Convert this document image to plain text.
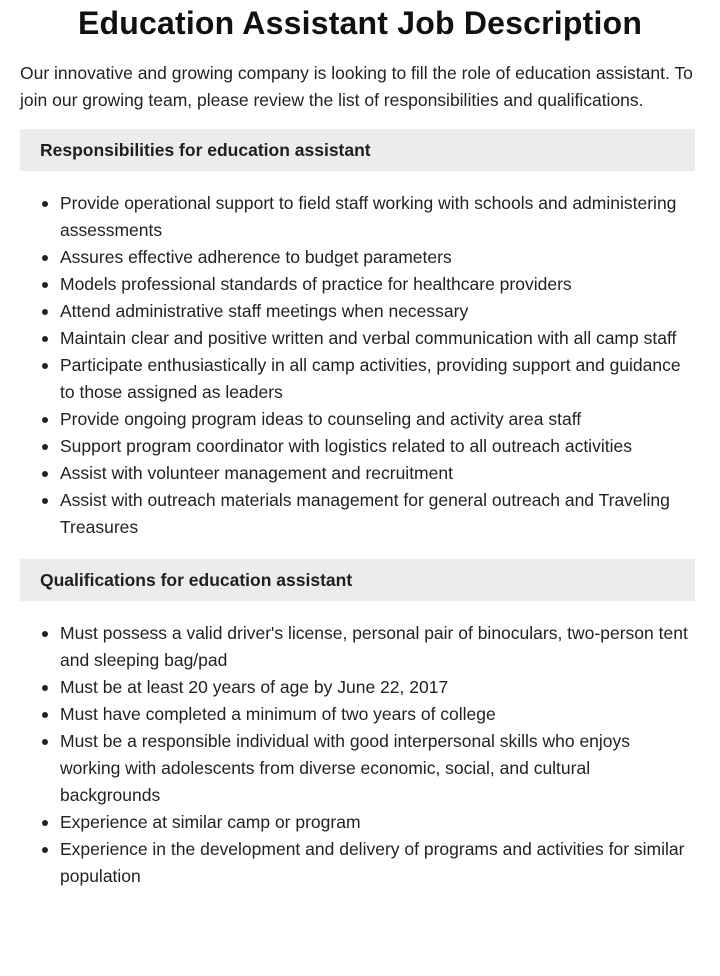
Education Assistant Job Description

Our innovative and growing company is looking to fill the role of education assistant. To join our growing team, please review the list of responsibilities and qualifications.

Responsibilities for education assistant
Provide operational support to field staff working with schools and administering assessments
Assures effective adherence to budget parameters
Models professional standards of practice for healthcare providers
Attend administrative staff meetings when necessary
Maintain clear and positive written and verbal communication with all camp staff
Participate enthusiastically in all camp activities, providing support and guidance to those assigned as leaders
Provide ongoing program ideas to counseling and activity area staff
Support program coordinator with logistics related to all outreach activities
Assist with volunteer management and recruitment
Assist with outreach materials management for general outreach and Traveling Treasures
Qualifications for education assistant
Must possess a valid driver's license, personal pair of binoculars, two-person tent and sleeping bag/pad
Must be at least 20 years of age by June 22, 2017
Must have completed a minimum of two years of college
Must be a responsible individual with good interpersonal skills who enjoys working with adolescents from diverse economic, social, and cultural backgrounds
Experience at similar camp or program
Experience in the development and delivery of programs and activities for similar population
